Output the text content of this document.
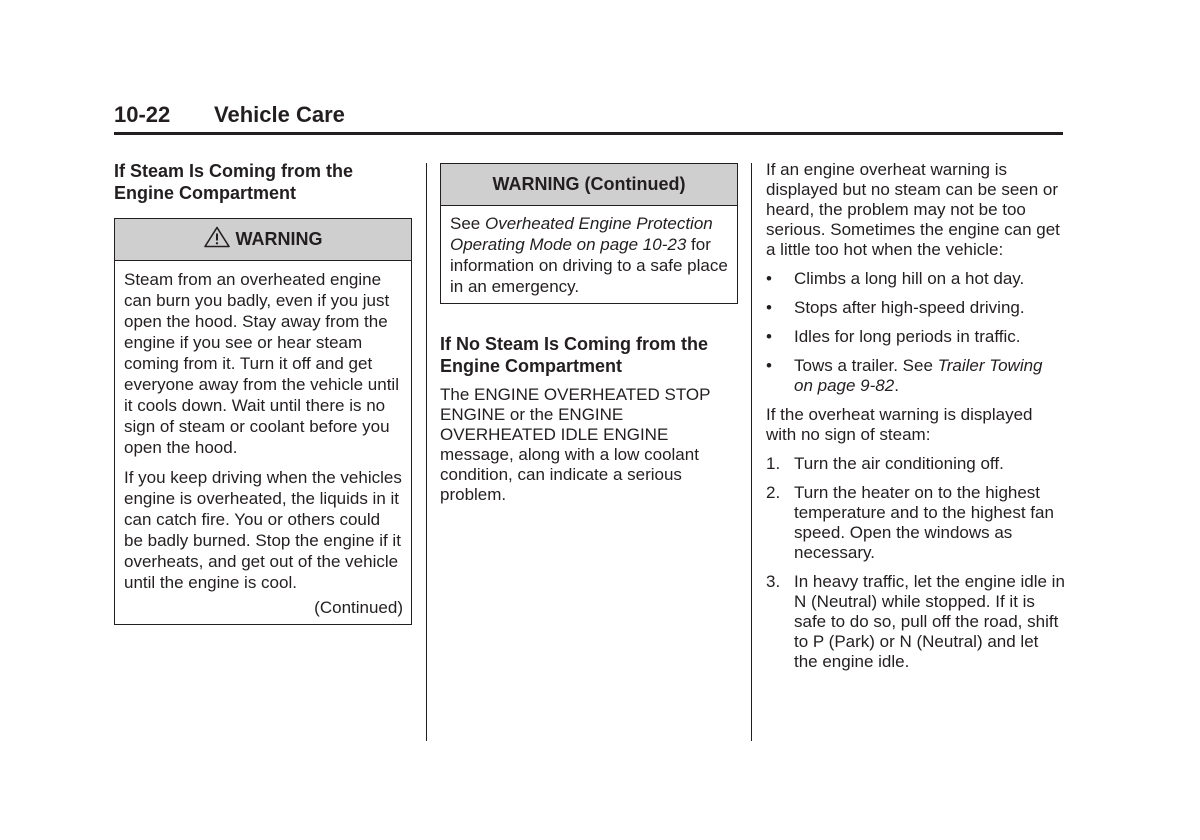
10-22 Vehicle Care
If Steam Is Coming from the Engine Compartment
WARNING

Steam from an overheated engine can burn you badly, even if you just open the hood. Stay away from the engine if you see or hear steam coming from it. Turn it off and get everyone away from the vehicle until it cools down. Wait until there is no sign of steam or coolant before you open the hood.

If you keep driving when the vehicles engine is overheated, the liquids in it can catch fire. You or others could be badly burned. Stop the engine if it overheats, and get out of the vehicle until the engine is cool.

(Continued)
WARNING (Continued)

See Overheated Engine Protection Operating Mode on page 10-23 for information on driving to a safe place in an emergency.

If No Steam Is Coming from the Engine Compartment

The ENGINE OVERHEATED STOP ENGINE or the ENGINE OVERHEATED IDLE ENGINE message, along with a low coolant condition, can indicate a serious problem.

If an engine overheat warning is displayed but no steam can be seen or heard, the problem may not be too serious. Sometimes the engine can get a little too hot when the vehicle:

• Climbs a long hill on a hot day.
• Stops after high-speed driving.
• Idles for long periods in traffic.
• Tows a trailer. See Trailer Towing on page 9-82.

If the overheat warning is displayed with no sign of steam:

1. Turn the air conditioning off.
2. Turn the heater on to the highest temperature and to the highest fan speed. Open the windows as necessary.
3. In heavy traffic, let the engine idle in N (Neutral) while stopped. If it is safe to do so, pull off the road, shift to P (Park) or N (Neutral) and let the engine idle.
